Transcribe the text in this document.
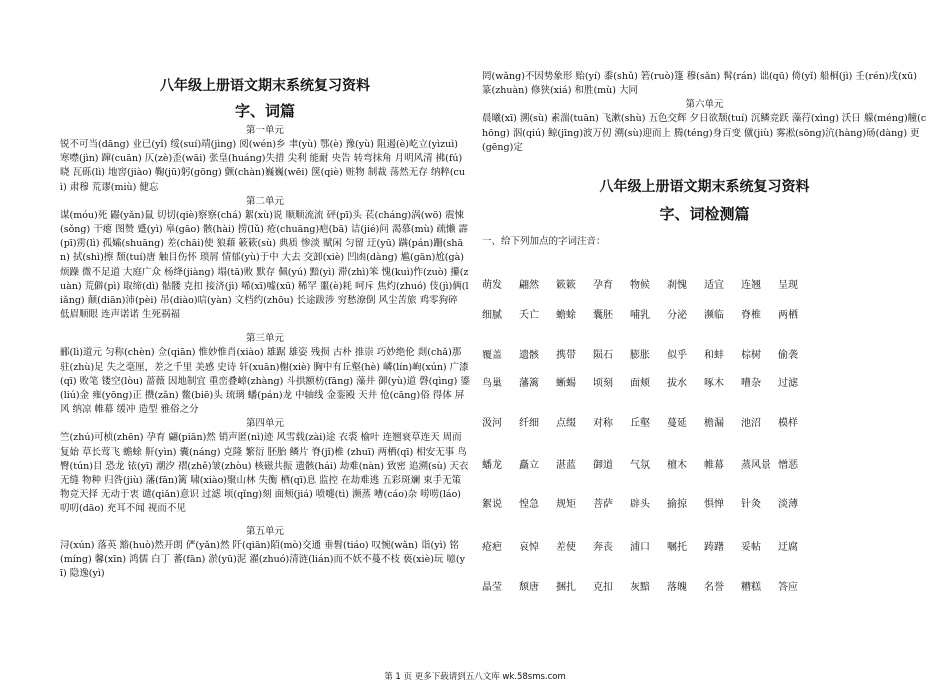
八年级上册语文期末系统复习资料
字、词篇
第一单元

锐不可当(dāng) 业已(yǐ) 绥(suí)靖(jìng) 阅(wén)乡 聿(yù) 鄂(è) 豫(yù) 阻遏(è)屹立(yìzuì) 寒噤(jìn) 蹿(cuān) 仄(zè)歪(wāi) 张皇(huáng)失措 尖利 能耐 央告 转弯抹角 月明风清 拂(fú)晓 瓦砾(lì) 地窖(jiào) 鞠(jū)躬(gōng) 颤(chàn)巍巍(wēi) 箧(qiè) 赃物 制裁 荡然无存 纳粹(cuì) 肃穆 荒谬(miù) 健忘

第二单元

谋(móu)死 鼹(yǎn)鼠 切切(qiè)察察(chá) 絮(xù)说 顺顺流流 砰(pī)头 苌(cháng)涡(wō) 震悚(sǒng) 干瘪 图赞 蹙(yì) 皋(gāo) 骸(hài) 捞(lǔ) 疮(chuāng)疤(bā) 诘(jié)问 渴慕(mù) 疏懒 霹(pī)雳(lì) 孤孀(shuāng) 差(chāi)使 狼藉 簌簌(sù) 典质 惨淡 赋闲 匀留 迂(yū) 蹒(pán)跚(shān) 拭(shì)擦 颓(tuí)唐 触目伤怀 琐屑 情郁(yù)于中 大去 交卸(xiè) 凹凼(dàng) 尴(gān)尬(gà) 烦躁 微不足道 大庭广众 杨绛(jiàng) 塌(tā)败 默存 佩(yú) 黯(yì) 滞(zhì)笨 愧(kuì)怍(zuò) 攥(zuàn) 荒僻(pì) 取缔(dì) 骷髅 克扣 接济(jì) 唏(xī)嘘(xū) 稀罕 噩(è)耗 呵斥 焦灼(zhuó) 伎(jì)俩(liǎng) 颠(diān)沛(pèi) 吊(diào)唁(yàn) 文档约(zhōu) 长途跋涉 穷愁潦倒 风尘苦旅 鸡零狗碎 低眉顺眼 连声诺诺 生死祸福

第三单元

郦(lì)道元 匀称(chèn) 佥(qiān) 惟妙惟肖(xiào) 雄踞 雄姿 残损 古朴 推崇 巧妙绝伦 剡(chǎ)那 驻(zhù)足 失之毫厘，差之千里 美感 史诗 轩(xuān)榭(xiè) 胸中有丘壑(hè) 嶙(lín)峋(xún) 广漆(qī) 败笔 镂空(lòu) 蔷薇 因地制宜 重峦叠嶂(zhàng) 斗拱额枋(fāng) 藻井 御(yù)道 磬(qìng) 鎏(liú)金 雍(yōng)正 攒(zǎn) 鳖(biē)头 琉璃 蟠(pán)龙 中轴线 金銮殿 天井 伧(cāng)俗 得体 屏风 纳凉 帷幕 缓冲 造型 雅俗之分

第四单元

竺(zhú)可桢(zhēn) 孕育 翩(piān)然 销声匿(nì)迹 风雪载(zài)途 衣裘 榆叶 连翘衰草连天 周而复始 草长莺飞 蟾蜍 鼾(yìn) 囊(náng) 克隆 繁衍 胚胎 鳞片 脊(jǐ)椎 (zhuī) 两栖(qī) 相安无事 鸟臀(tún)目 恐龙 铱(yī) 潮汐 褶(zhě)皱(zhòu) 核磁共振 遗骸(hái) 劫难(nàn) 致密 追溯(sù) 天衣无缝 物种 归咎(jiù) 藩(fān)篱 啸(xiào)聚山林 失衡 栖(qī)息 监控 在劫难逃 五彩斑斓 束手无策 物竞天择 无动于衷 谴(qiǎn)意识 过滤 顷(qǐng)刻 面颊(jiá) 喷嚏(tì) 濒蒸 嘈(cáo)杂 唠唠(láo)叨叨(dāo) 充耳不闻 视而不见

第五单元

浔(xún) 落英 豁(huò)然开朗 俨(yǎn)然 阡(qiān)陌(mò)交通 垂髫(tiáo) 叹惋(wǎn) 诣(yì) 铭(míng) 馨(xīn) 鸿儒 白丁 蕃(fān) 淤(yū)泥 濯(zhuó)清涟(lián)而不妖不蔓不枝 亵(xiè)玩 噫(yī) 隐逸(yì)

罔(wǎng)不因势象形 贻(yí) 黍(shǔ) 箬(ruò)篷 穆(sǎn) 髯(rán) 诎(qū) 倚(yǐ) 船桐(jì) 壬(rén)戌(xū) 篆(zhuàn) 修狭(xiá) 和胜(mù) 大同

第六单元

晨曦(xī) 溯(sù) 素湍(tuān) 飞漱(shù) 五色交辉 夕日欲颓(tuí) 沉鳞竞跃 藻荇(xìng) 沃日 艨(méng)艟(chōng) 泅(qiú) 鲸(jīng)波万仞 溯(sù)迎而上 腾(téng)身百变 僦(jiù) 雾凇(sōng)沆(hàng)砀(dàng) 更(gēng)定

八年级上册语文期末系统复习资料
字、词检测篇
一、给下列加点的字词注音：
萌发	翩然	簌簌	孕育	物候	刹愧	适宜	连翘	呈现
细腻	夭亡	蟾蜍	囊胚	哺乳	分泌	濒临	脊椎	两栖
覆盖	遗骸	携带	陨石	膨胀	似乎	和蚌	棕树	偷袭
鸟巢	藩篱	蜥蜴	顷刻	面颊	拔水	啄木	嘈杂	过滤
汲河	纤细	点缀	对称	丘壑	蔓延	檐漏	池沼	模样
蟠龙	矗立	湛蓝	御道	气氛	檀木	帷幕	蒸风景 憎恶
絮说	惶急	规矩	菩萨	辟头	揄掠	惧惮	针灸	淡薄
疮疤	哀悼	差使	奔丧	浦口	嘱托	踌躇	妥帖	迂腐
晶莹	颓唐	捆扎	克扣	灰黯	落魄	名誉	糟糕	答应
第 1 页 更多下载请到五八文库 wk.58sms.com
